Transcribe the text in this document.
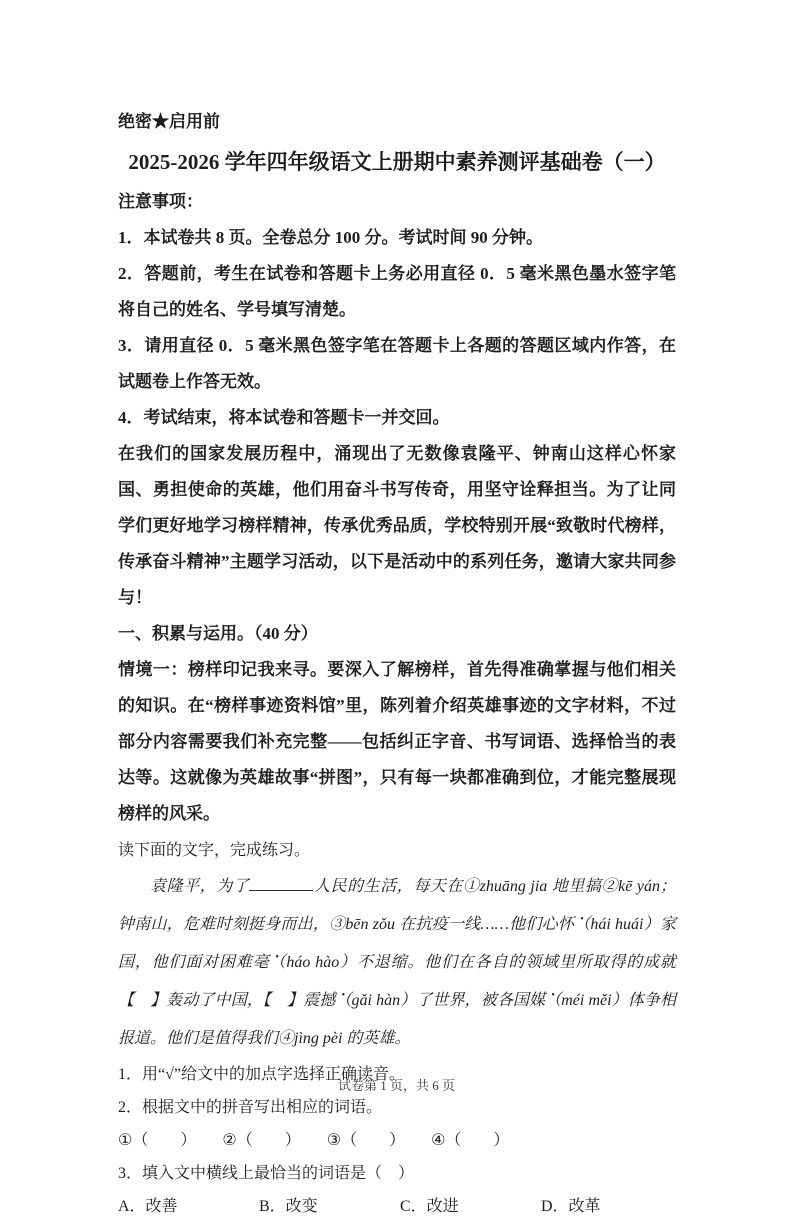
绝密★启用前
2025-2026 学年四年级语文上册期中素养测评基础卷（一）
注意事项：
1．本试卷共 8 页。全卷总分 100 分。考试时间 90 分钟。
2．答题前，考生在试卷和答题卡上务必用直径 0．5 毫米黑色墨水签字笔将自己的姓名、学号填写清楚。
3．请用直径 0．5 毫米黑色签字笔在答题卡上各题的答题区域内作答，在试题卷上作答无效。
4．考试结束，将本试卷和答题卡一并交回。
在我们的国家发展历程中，涌现出了无数像袁隆平、钟南山这样心怀家国、勇担使命的英雄，他们用奋斗书写传奇，用坚守诠释担当。为了让同学们更好地学习榜样精神，传承优秀品质，学校特别开展“致敬时代榜样，传承奋斗精神”主题学习活动，以下是活动中的系列任务，邀请大家共同参与！
一、积累与运用。（40 分）
情境一：榜样印记我来寻。要深入了解榜样，首先得准确掌握与他们相关的知识。在“榜样事迹资料馆”里，陈列着介绍英雄事迹的文字材料，不过部分内容需要我们补充完整——包括纠正字音、书写词语、选择恰当的表达等。这就像为英雄故事“拼图”，只有每一块都准确到位，才能完整展现榜样的风采。
读下面的文字，完成练习。
袁隆平，为了	人民的生活，每天在①zhuāng jia 地里搞②kē yán；钟南山，危难时刻挺身而出，③bēn zǒu 在抗疫一线……他们心怀（hái huái）家国，他们面对困难毫（háo hào）不退缩。他们在各自的领域里所取得的成就【　】轰动了中国，【　】震撼（gǎi hàn）了世界，被各国媒（méi měi）体争相报道。他们是值得我们④jìng pèi 的英雄。
1．用“√”给文中的加点字选择正确读音。
2．根据文中的拼音写出相应的词语。
①（　　） ②（　　） ③（　　） ④（　　）
3．填入文中横线上最恰当的词语是（　）
A．改善	B．改变	C．改进	D．改革
试卷第 1 页，共 6 页
